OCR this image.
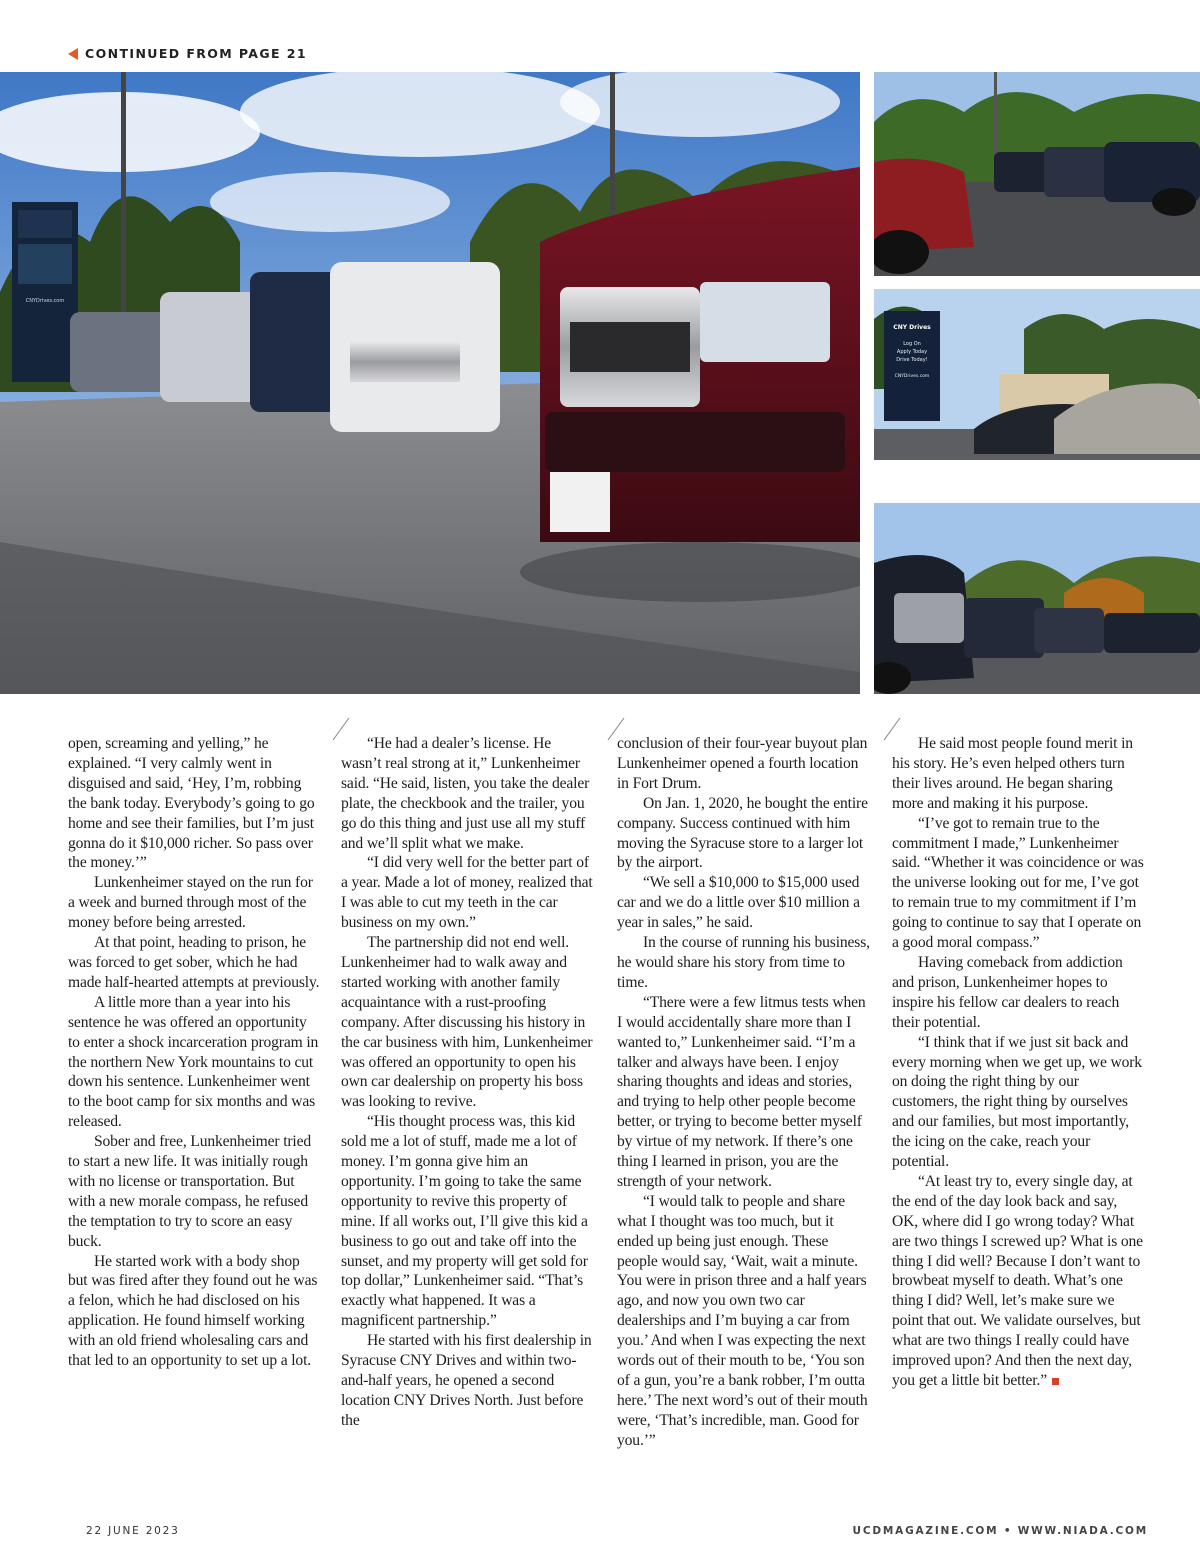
CONTINUED FROM PAGE 21
CNYDrives.com
CNY Drives
Log On
Apply Today
Drive Today!
CNYDrives.com

open, screaming and yelling,” he explained. “I very calmly went in disguised and said, ‘Hey, I’m, robbing the bank today. Everybody’s going to go home and see their families, but I’m just gonna do it $10,000 richer. So pass over the money.’”

Lunkenheimer stayed on the run for a week and burned through most of the money before being arrested.

At that point, heading to prison, he was forced to get sober, which he had made half-hearted attempts at previously.

A little more than a year into his sentence he was offered an opportunity to enter a shock incarceration program in the northern New York mountains to cut down his sentence. Lunkenheimer went to the boot camp for six months and was released.

Sober and free, Lunkenheimer tried to start a new life. It was initially rough with no license or transportation. But with a new morale compass, he refused the temptation to try to score an easy buck.

He started work with a body shop but was fired after they found out he was a felon, which he had disclosed on his application. He found himself working with an old friend wholesaling cars and that led to an opportunity to set up a lot.

“He had a dealer’s license. He wasn’t real strong at it,” Lunkenheimer said. “He said, listen, you take the dealer plate, the checkbook and the trailer, you go do this thing and just use all my stuff and we’ll split what we make.

“I did very well for the better part of a year. Made a lot of money, realized that I was able to cut my teeth in the car business on my own.”

The partnership did not end well. Lunkenheimer had to walk away and started working with another family acquaintance with a rust-proofing company. After discussing his history in the car business with him, Lunkenheimer was offered an opportunity to open his own car dealership on property his boss was looking to revive.

“His thought process was, this kid sold me a lot of stuff, made me a lot of money. I’m gonna give him an opportunity. I’m going to take the same opportunity to revive this property of mine. If all works out, I’ll give this kid a business to go out and take off into the sunset, and my property will get sold for top dollar,” Lunkenheimer said. “That’s exactly what happened. It was a magnificent partnership.”

He started with his first dealership in Syracuse CNY Drives and within two-and-half years, he opened a second location CNY Drives North. Just before the

conclusion of their four-year buyout plan Lunkenheimer opened a fourth location in Fort Drum.

On Jan. 1, 2020, he bought the entire company. Success continued with him moving the Syracuse store to a larger lot by the airport.

“We sell a $10,000 to $15,000 used car and we do a little over $10 million a year in sales,” he said.

In the course of running his business, he would share his story from time to time.

“There were a few litmus tests when I would accidentally share more than I wanted to,” Lunkenheimer said. “I’m a talker and always have been. I enjoy sharing thoughts and ideas and stories, and trying to help other people become better, or trying to become better myself by virtue of my network. If there’s one thing I learned in prison, you are the strength of your network.

“I would talk to people and share what I thought was too much, but it ended up being just enough. These people would say, ‘Wait, wait a minute. You were in prison three and a half years ago, and now you own two car dealerships and I’m buying a car from you.’ And when I was expecting the next words out of their mouth to be, ‘You son of a gun, you’re a bank robber, I’m outta here.’ The next word’s out of their mouth were, ‘That’s incredible, man. Good for you.’”

He said most people found merit in his story. He’s even helped others turn their lives around. He began sharing more and making it his purpose.

“I’ve got to remain true to the commitment I made,” Lunkenheimer said. “Whether it was coincidence or was the universe looking out for me, I’ve got to remain true to my commitment if I’m going to continue to say that I operate on a good moral compass.”

Having comeback from addiction and prison, Lunkenheimer hopes to inspire his fellow car dealers to reach their potential.

“I think that if we just sit back and every morning when we get up, we work on doing the right thing by our customers, the right thing by ourselves and our families, but most importantly, the icing on the cake, reach your potential.

“At least try to, every single day, at the end of the day look back and say, OK, where did I go wrong today? What are two things I screwed up? What is one thing I did well? Because I don’t want to browbeat myself to death. What’s one thing I did? Well, let’s make sure we point that out. We validate ourselves, but what are two things I really could have improved upon? And then the next day, you get a little bit better.”

22 JUNE 2023	UCDMAGAZINE.COM • WWW.NIADA.COM
